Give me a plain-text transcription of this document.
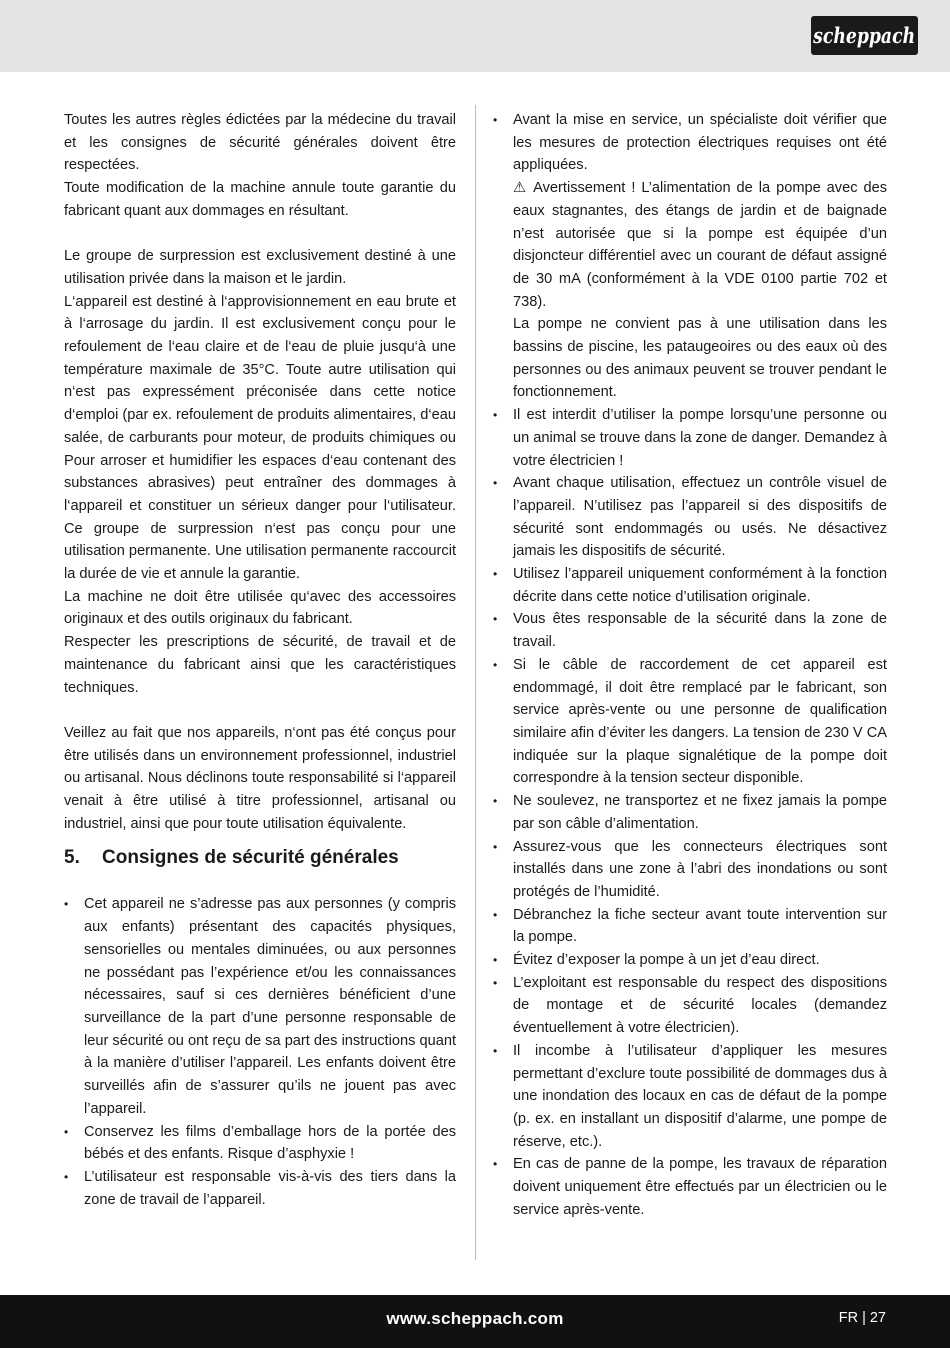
scheppach

Toutes les autres règles édictées par la médecine du travail et les consignes de sécurité générales doivent être respectées.

Toute modification de la machine annule toute garantie du fabricant quant aux dommages en résultant.

Le groupe de surpression est exclusivement destiné à une utilisation privée dans la maison et le jardin.

L‘appareil est destiné à l‘approvisionnement en eau brute et à l‘arrosage du jardin. Il est exclusivement conçu pour le refoulement de l‘eau claire et de l‘eau de pluie jusqu‘à une température maximale de 35°C. Toute autre utilisation qui n‘est pas expressément préconisée dans cette notice d‘emploi (par ex. refoulement de produits alimentaires, d‘eau salée, de carburants pour moteur, de produits chimiques ou Pour arroser et humidifier les espaces d‘eau contenant des substances abrasives) peut entraîner des dommages à l‘appareil et constituer un sérieux danger pour l‘utilisateur. Ce groupe de surpression n‘est pas conçu pour une utilisation permanente. Une utilisation permanente raccourcit la durée de vie et annule la garantie.

La machine ne doit être utilisée qu‘avec des accessoires originaux et des outils originaux du fabricant.

Respecter les prescriptions de sécurité, de travail et de maintenance du fabricant ainsi que les caractéristiques techniques.

Veillez au fait que nos appareils, n‘ont pas été conçus pour être utilisés dans un environnement professionnel, industriel ou artisanal. Nous déclinons toute responsabilité si l‘appareil venait à être utilisé à titre professionnel, artisanal ou industriel, ainsi que pour toute utilisation équivalente.

5.	Consignes de sécurité générales
• Cet appareil ne s’adresse pas aux personnes (y compris aux enfants) présentant des capacités physiques, sensorielles ou mentales diminuées, ou aux personnes ne possédant pas l’expérience et/ou les connaissances nécessaires, sauf si ces dernières bénéficient d’une surveillance de la part d’une personne responsable de leur sécurité ou ont reçu de sa part des instructions quant à la manière d’utiliser l’appareil. Les enfants doivent être surveillés afin de s’assurer qu’ils ne jouent pas avec l’appareil.
• Conservez les films d’emballage hors de la portée des bébés et des enfants. Risque d’asphyxie !
• L’utilisateur est responsable vis-à-vis des tiers dans la zone de travail de l’appareil.

• Avant la mise en service, un spécialiste doit vérifier que les mesures de protection électriques requises ont été appliquées.

⚠ Avertissement ! L’alimentation de la pompe avec des eaux stagnantes, des étangs de jardin et de baignade n’est autorisée que si la pompe est équipée d’un disjoncteur différentiel avec un courant de défaut assigné de 30 mA (conformément à la VDE 0100 partie 702 et 738).

La pompe ne convient pas à une utilisation dans les bassins de piscine, les pataugeoires ou des eaux où des personnes ou des animaux peuvent se trouver pendant le fonctionnement.

• Il est interdit d’utiliser la pompe lorsqu’une personne ou un animal se trouve dans la zone de danger. Demandez à votre électricien !
• Avant chaque utilisation, effectuez un contrôle visuel de l’appareil. N’utilisez pas l’appareil si des dispositifs de sécurité sont endommagés ou usés. Ne désactivez jamais les dispositifs de sécurité.
• Utilisez l’appareil uniquement conformément à la fonction décrite dans cette notice d’utilisation originale.
• Vous êtes responsable de la sécurité dans la zone de travail.
• Si le câble de raccordement de cet appareil est endommagé, il doit être remplacé par le fabricant, son service après-vente ou une personne de qualification similaire afin d’éviter les dangers. La tension de 230 V CA indiquée sur la plaque signalétique de la pompe doit correspondre à la tension secteur disponible.
• Ne soulevez, ne transportez et ne fixez jamais la pompe par son câble d’alimentation.
• Assurez-vous que les connecteurs électriques sont installés dans une zone à l’abri des inondations ou sont protégés de l’humidité.
• Débranchez la fiche secteur avant toute intervention sur la pompe.
• Évitez d’exposer la pompe à un jet d’eau direct.
• L’exploitant est responsable du respect des dispositions de montage et de sécurité locales (demandez éventuellement à votre électricien).
• Il incombe à l’utilisateur d’appliquer les mesures permettant d’exclure toute possibilité de dommages dus à une inondation des locaux en cas de défaut de la pompe (p. ex. en installant un dispositif d’alarme, une pompe de réserve, etc.).
• En cas de panne de la pompe, les travaux de réparation doivent uniquement être effectués par un électricien ou le service après-vente.
www.scheppach.com	FR | 27
